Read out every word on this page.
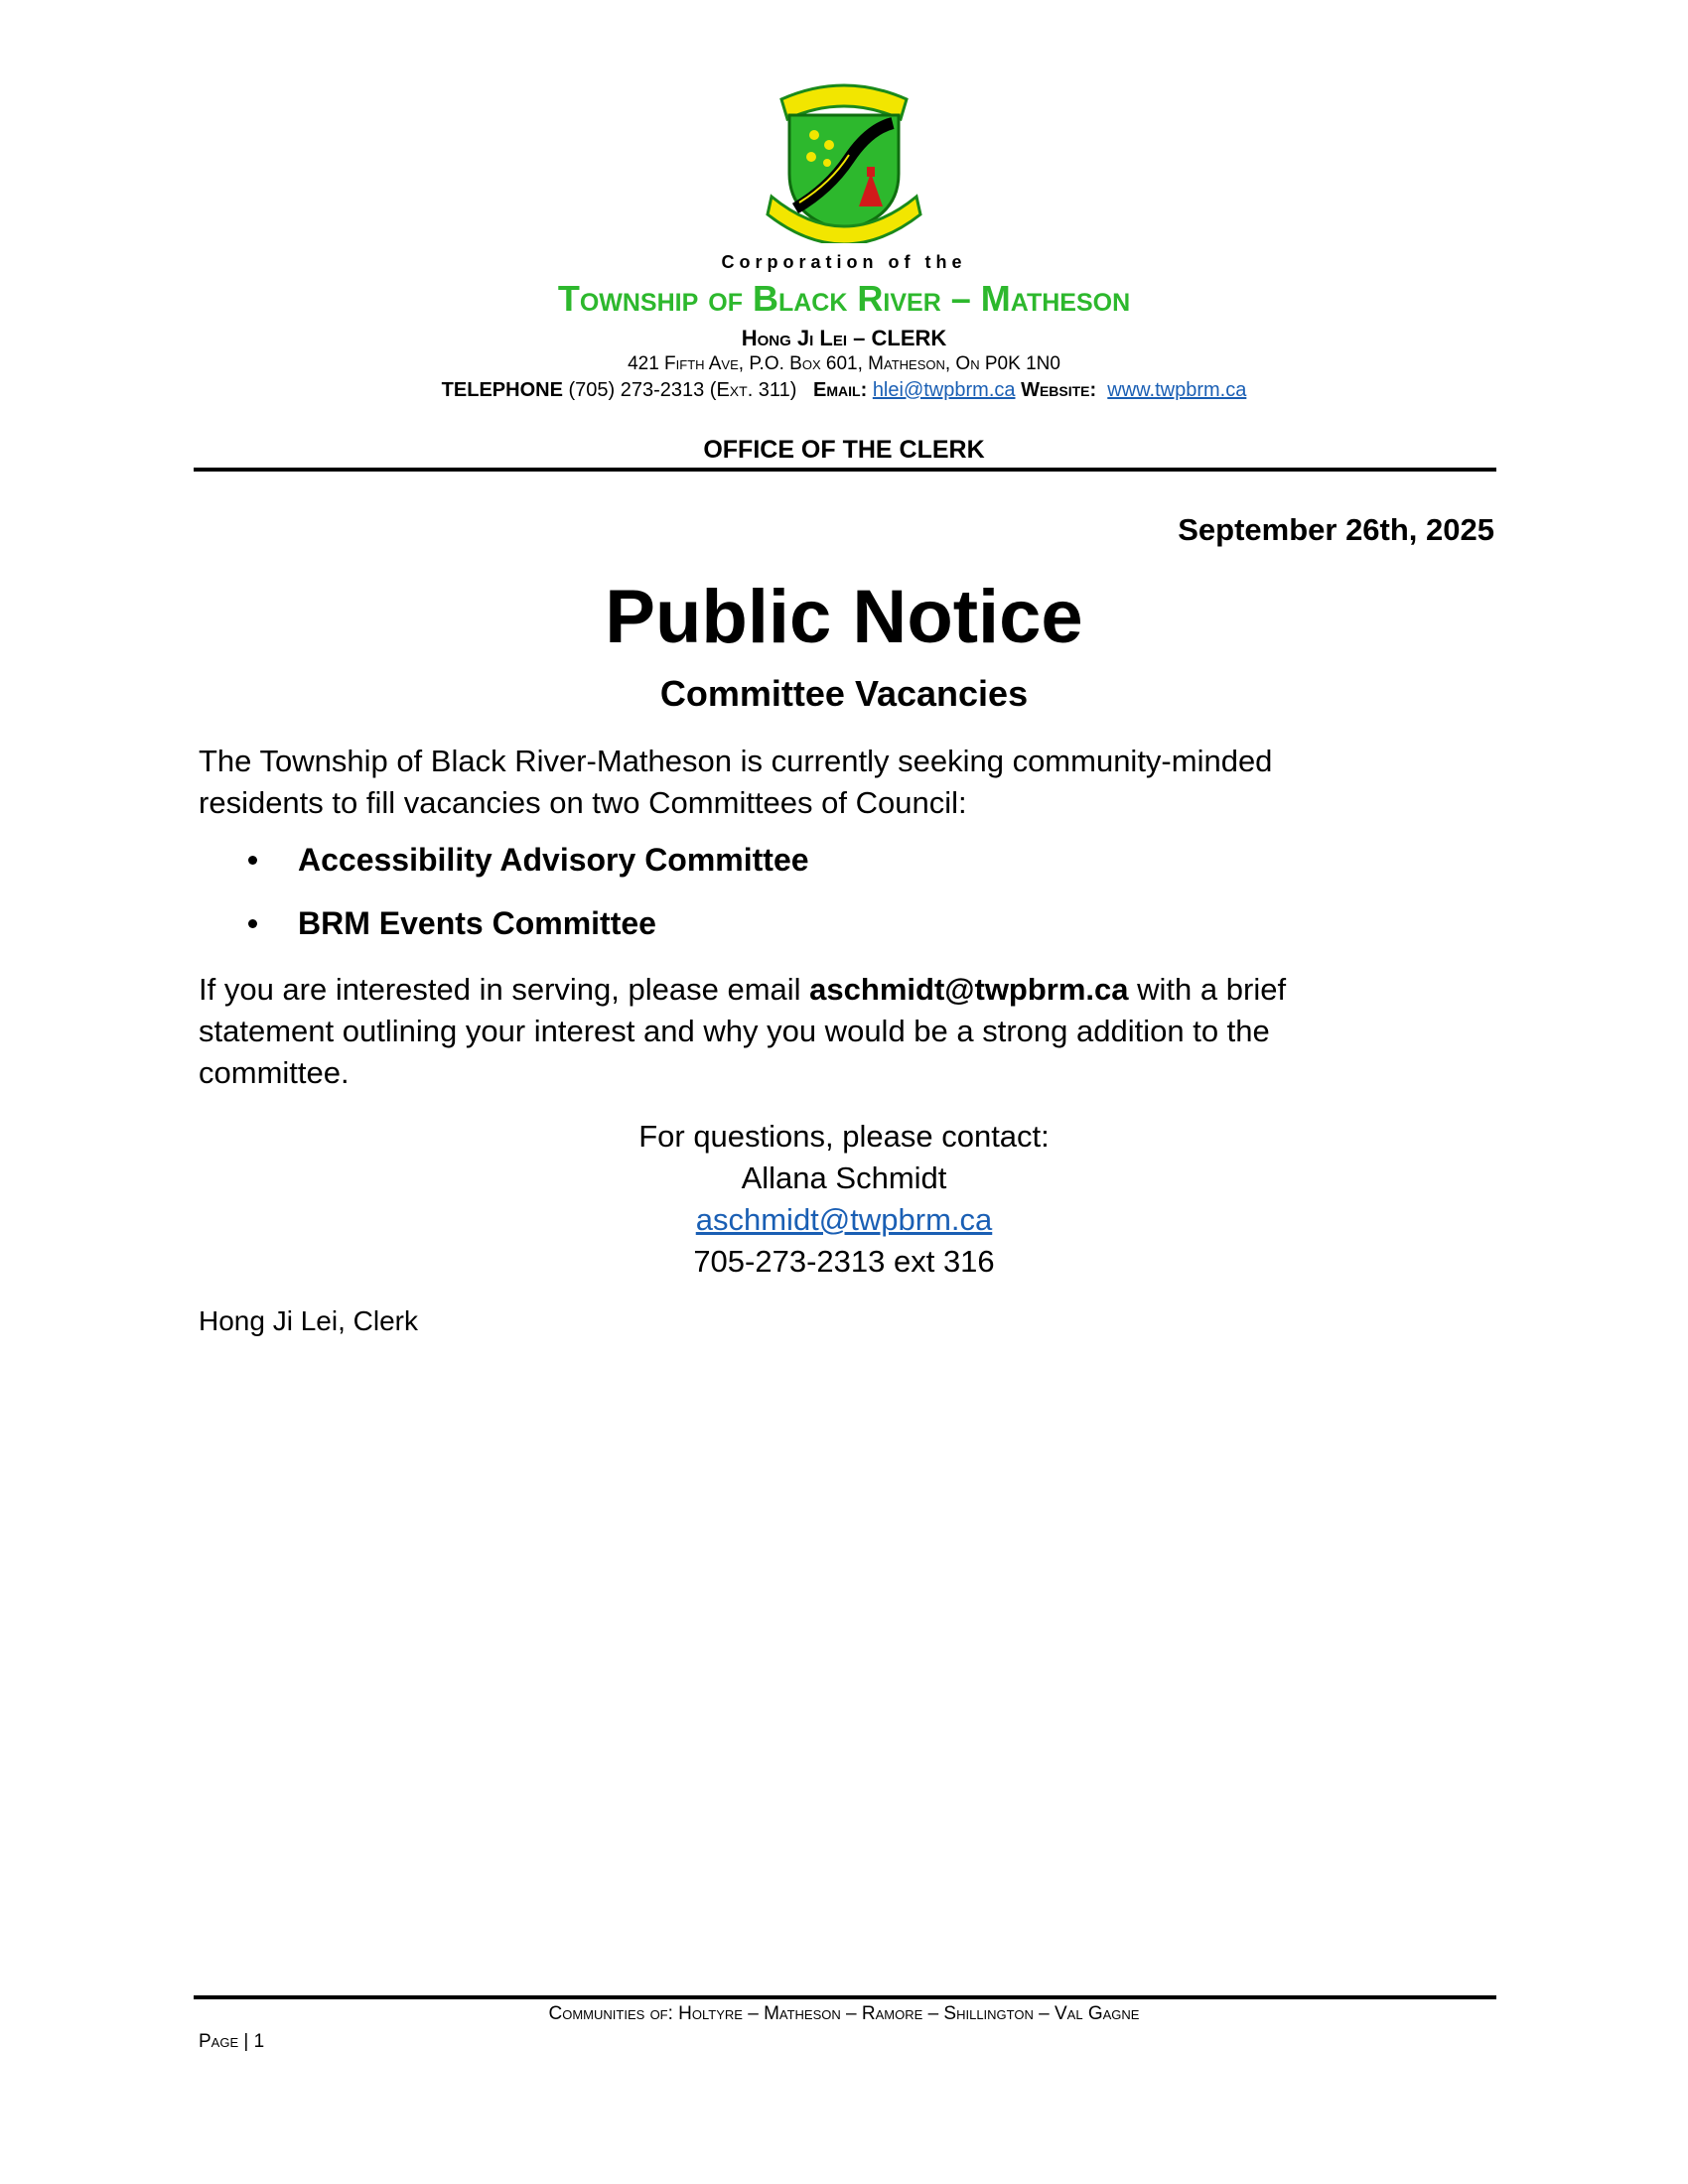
Corporation of the
Township of Black River – Matheson
Hong Ji Lei – CLERK
421 Fifth Ave, P.O. Box 601, Matheson, On P0K 1N0
TELEPHONE (705) 273-2313 (Ext. 311) Email: hlei@twpbrm.ca Website: www.twpbrm.ca
OFFICE OF THE CLERK
September 26th, 2025
Public Notice
Committee Vacancies
The Township of Black River-Matheson is currently seeking community-minded
residents to fill vacancies on two Committees of Council:
Accessibility Advisory Committee
BRM Events Committee
If you are interested in serving, please email aschmidt@twpbrm.ca with a brief
statement outlining your interest and why you would be a strong addition to the
committee.
For questions, please contact:
Allana Schmidt
aschmidt@twpbrm.ca
705-273-2313 ext 316
Hong Ji Lei, Clerk
Communities of: Holtyre – Matheson – Ramore – Shillington – Val Gagne
Page | 1
